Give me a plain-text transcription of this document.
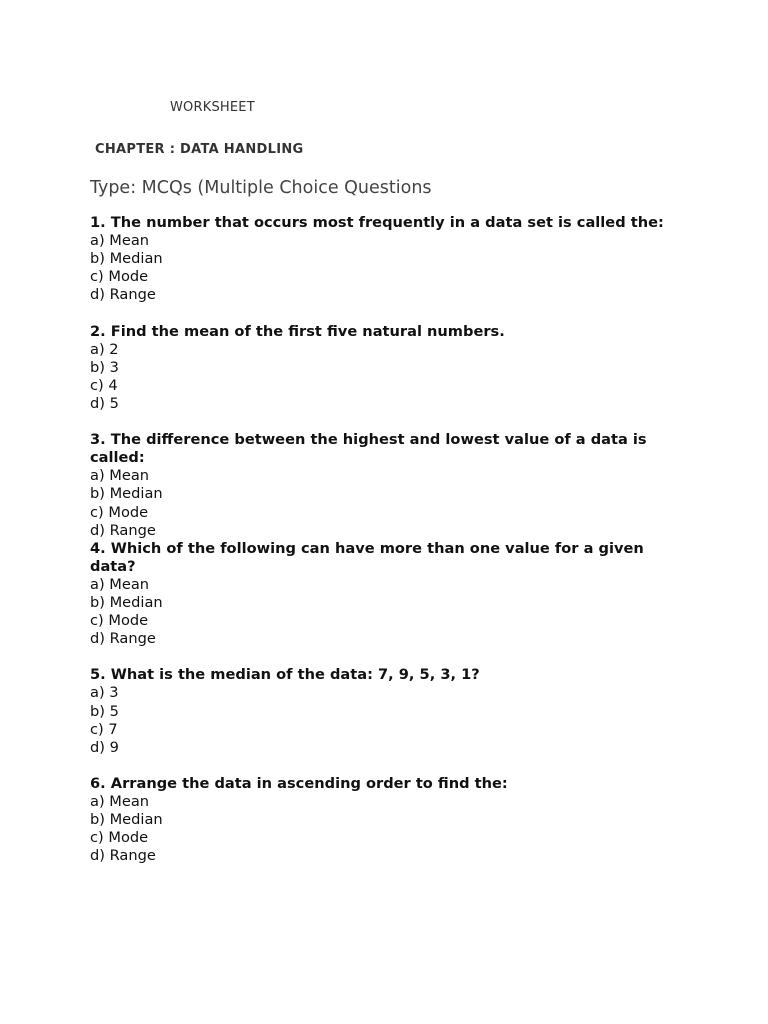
WORKSHEET
CHAPTER : DATA HANDLING
Type: MCQs (Multiple Choice Questions
1. The number that occurs most frequently in a data set is called the:
a) Mean
b) Median
c) Mode
d) Range
2. Find the mean of the first five natural numbers.
a) 2
b) 3
c) 4
d) 5
3. The difference between the highest and lowest value of a data is called:
a) Mean
b) Median
c) Mode
d) Range
4. Which of the following can have more than one value for a given data?
a) Mean
b) Median
c) Mode
d) Range
5. What is the median of the data: 7, 9, 5, 3, 1?
a) 3
b) 5
c) 7
d) 9
6. Arrange the data in ascending order to find the:
a) Mean
b) Median
c) Mode
d) Range
